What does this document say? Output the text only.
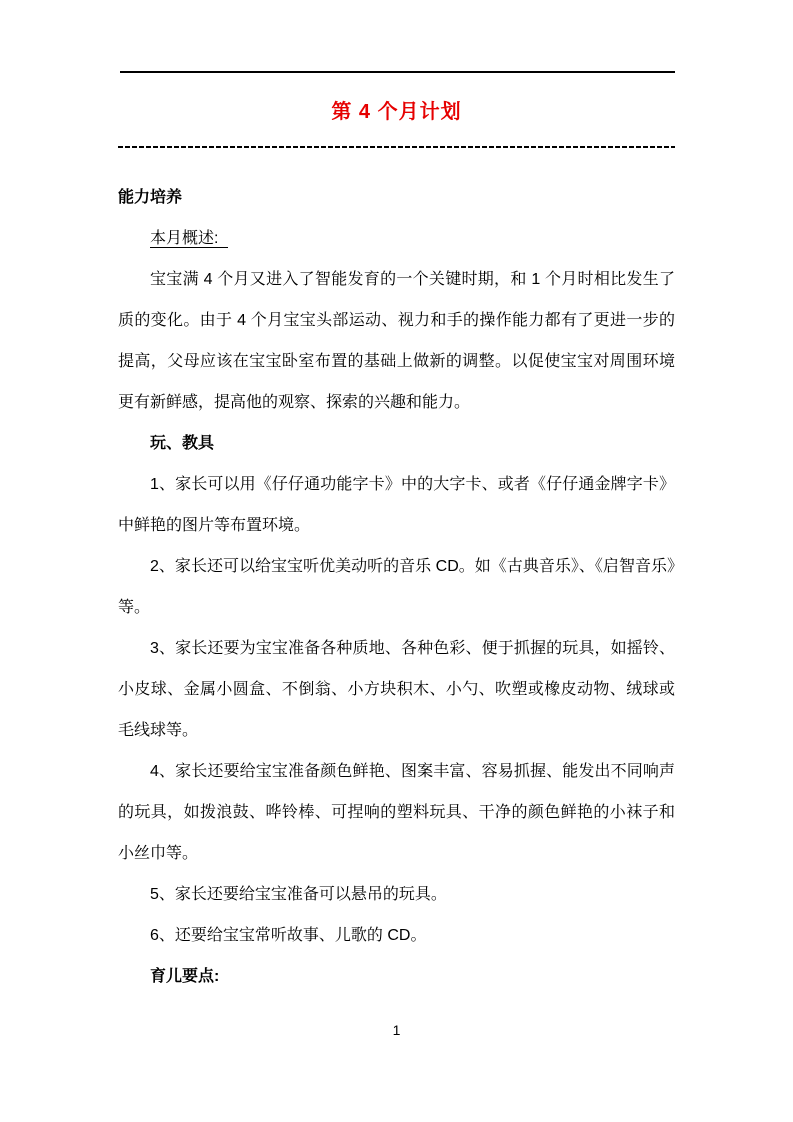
第 4 个月计划
能力培养

本月概述:

宝宝满 4 个月又进入了智能发育的一个关键时期，和 1 个月时相比发生了质的变化。由于 4 个月宝宝头部运动、视力和手的操作能力都有了更进一步的提高，父母应该在宝宝卧室布置的基础上做新的调整。以促使宝宝对周围环境更有新鲜感，提高他的观察、探索的兴趣和能力。

玩、教具

1、家长可以用《仔仔通功能字卡》中的大字卡、或者《仔仔通金牌字卡》中鲜艳的图片等布置环境。

2、家长还可以给宝宝听优美动听的音乐 CD。如《古典音乐》、《启智音乐》等。

3、家长还要为宝宝准备各种质地、各种色彩、便于抓握的玩具，如摇铃、小皮球、金属小圆盒、不倒翁、小方块积木、小勺、吹塑或橡皮动物、绒球或毛线球等。

4、家长还要给宝宝准备颜色鲜艳、图案丰富、容易抓握、能发出不同响声的玩具，如拨浪鼓、哗铃棒、可捏响的塑料玩具、干净的颜色鲜艳的小袜子和小丝巾等。

5、家长还要给宝宝准备可以悬吊的玩具。

6、还要给宝宝常听故事、儿歌的 CD。

育儿要点:
1
